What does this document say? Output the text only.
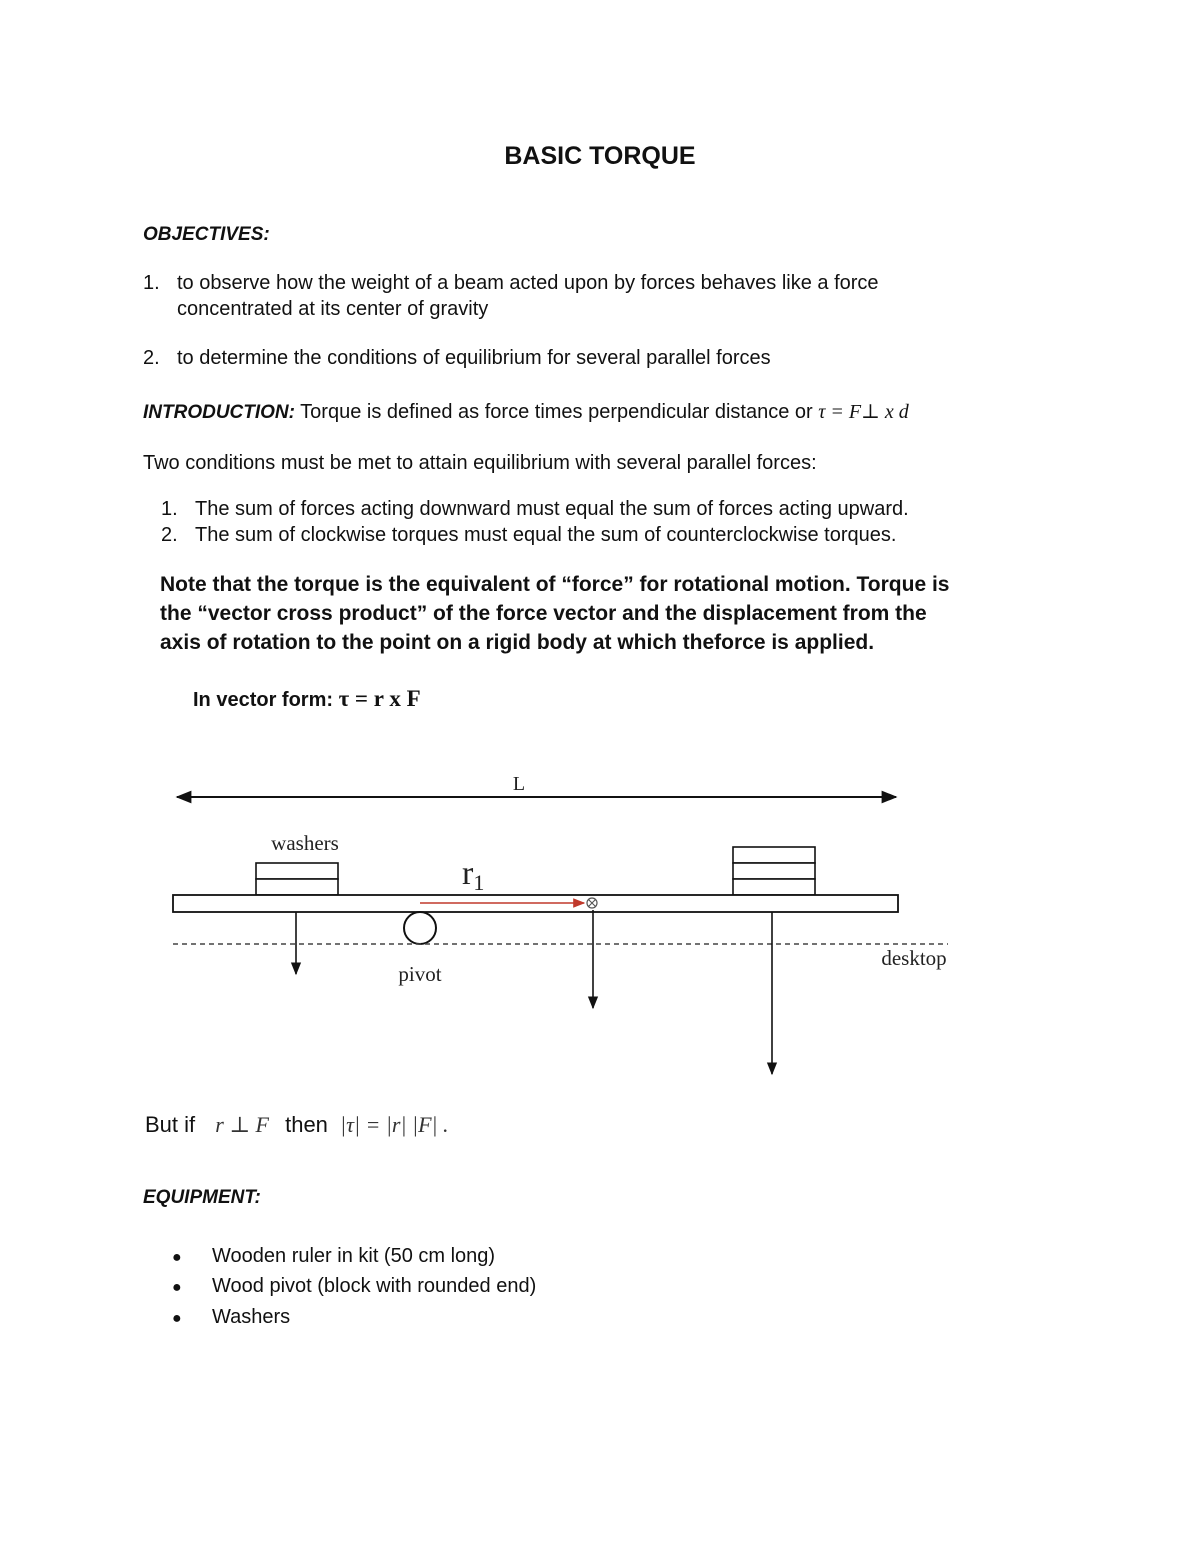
BASIC TORQUE
OBJECTIVES:
1. to observe how the weight of a beam acted upon by forces behaves like a force
concentrated at its center of gravity
2. to determine the conditions of equilibrium for several parallel forces
INTRODUCTION: Torque is defined as force times perpendicular distance or τ = F⊥ x d
Two conditions must be met to attain equilibrium with several parallel forces:
1. The sum of forces acting downward must equal the sum of forces acting upward.
2. The sum of clockwise torques must equal the sum of counterclockwise torques.
Note that the torque is the equivalent of “force” for rotational motion. Torque is
the “vector cross product” of the force vector and the displacement from the
axis of rotation to the point on a rigid body at which theforce is applied.
In vector form: τ = r x F
L
washers
r1
pivot
desktop
But if r ⊥ F then |τ| = |r| |F| .
EQUIPMENT:
● Wooden ruler in kit (50 cm long)
● Wood pivot (block with rounded end)
● Washers
